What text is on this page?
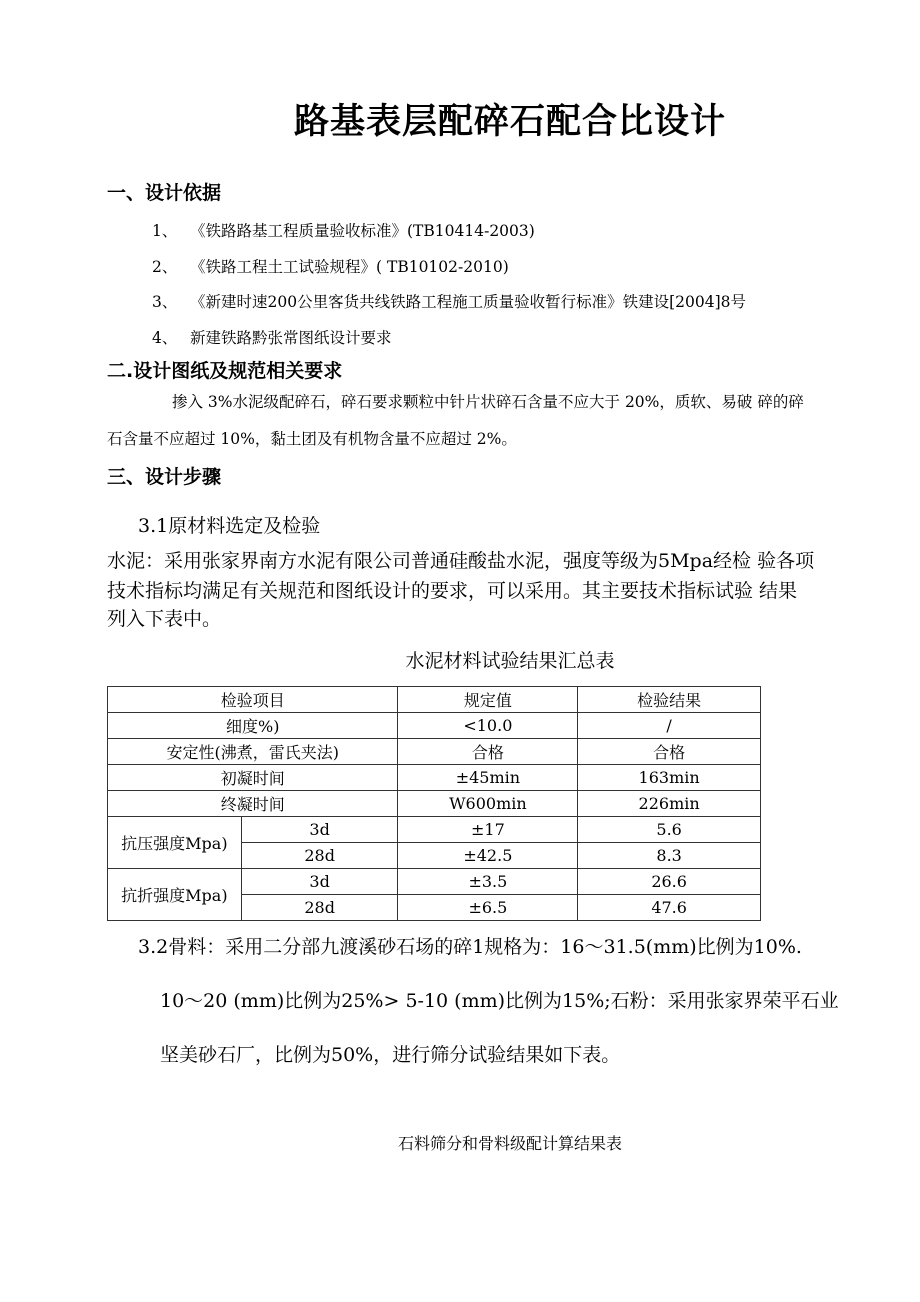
路基表层配碎石配合比设计
一、设计依据
1、 《铁路路基工程质量验收标准》(TB10414-2003)
2、 《铁路工程土工试验规程》( TB10102-2010)
3、 《新建时速200公里客货共线铁路工程施工质量验收暂行标准》铁建设[2004]8号
4、 新建铁路黔张常图纸设计要求
二.设计图纸及规范相关要求
掺入 3%水泥级配碎石，碎石要求颗粒中针片状碎石含量不应大于 20%，质软、易破 碎的碎
石含量不应超过 10%，黏土团及有机物含量不应超过 2%。
三、设计步骤
3.1原材料选定及检验
水泥：采用张家界南方水泥有限公司普通硅酸盐水泥，强度等级为5Mpa经检 验各项
技术指标均满足有关规范和图纸设计的要求，可以采用。其主要技术指标试验 结果
列入下表中。
水泥材料试验结果汇总表
检验项目		规定值	检验结果
细度%)		<10.0	/
安定性(沸煮，雷氏夹法)		合格	合格
初凝时间		±45min	163min
终凝时间		W600min	226min
抗压强度Mpa)	3d	±17	5.6
	28d	±42.5	8.3
抗折强度Mpa)	3d	±3.5	26.6
	28d	±6.5	47.6
3.2骨料：采用二分部九渡溪砂石场的碎1规格为：16〜31.5(mm)比例为10%.
10〜20 (mm)比例为25%> 5-10 (mm)比例为15%;石粉：采用张家界荣平石业
坚美砂石厂，比例为50%，进行筛分试验结果如下表。
石料筛分和骨料级配计算结果表
